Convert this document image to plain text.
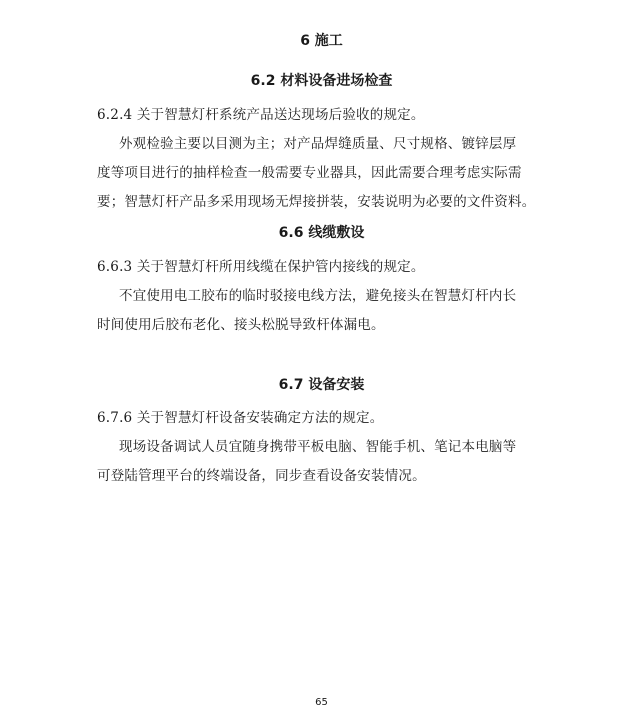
6 施工
6.2 材料设备进场检查
6.2.4 关于智慧灯杆系统产品送达现场后验收的规定。
外观检验主要以目测为主；对产品焊缝质量、尺寸规格、镀锌层厚
度等项目进行的抽样检查一般需要专业器具，因此需要合理考虑实际需
要；智慧灯杆产品多采用现场无焊接拼装，安装说明为必要的文件资料。
6.6 线缆敷设
6.6.3 关于智慧灯杆所用线缆在保护管内接线的规定。
不宜使用电工胶布的临时驳接电线方法，避免接头在智慧灯杆内长
时间使用后胶布老化、接头松脱导致杆体漏电。
6.7 设备安装
6.7.6 关于智慧灯杆设备安装确定方法的规定。
现场设备调试人员宜随身携带平板电脑、智能手机、笔记本电脑等
可登陆管理平台的终端设备，同步查看设备安装情况。
65
